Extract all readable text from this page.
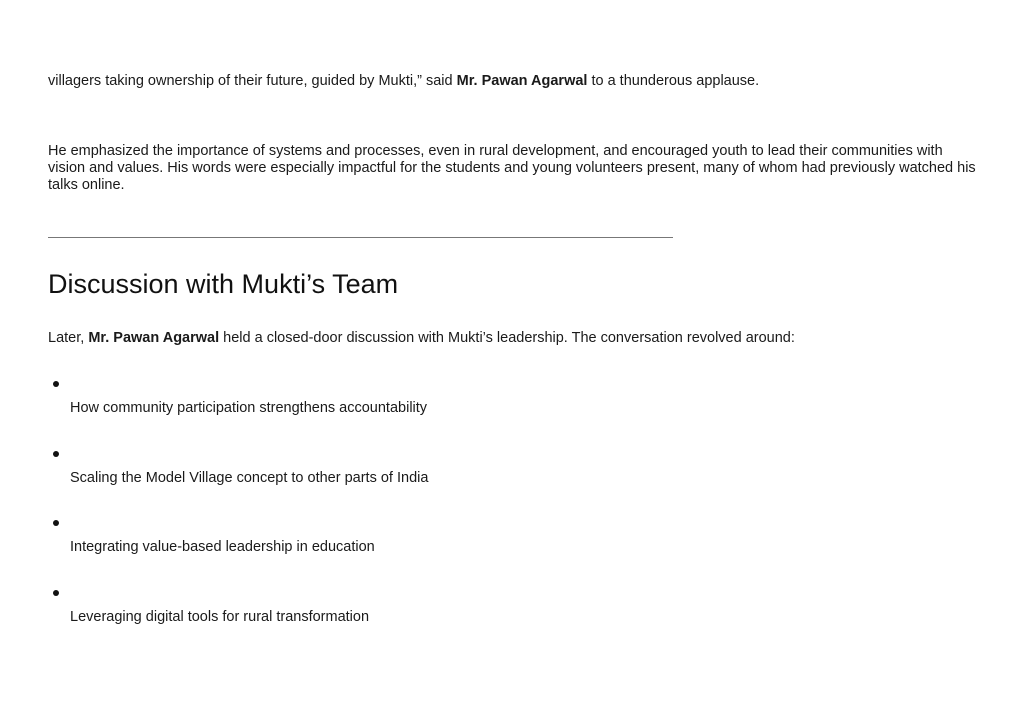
villagers taking ownership of their future, guided by Mukti,” said Mr. Pawan Agarwal to a thunderous applause.

He emphasized the importance of systems and processes, even in rural development, and encouraged youth to lead their communities with vision and values. His words were especially impactful for the students and young volunteers present, many of whom had previously watched his talks online.

Discussion with Mukti’s Team

Later, Mr. Pawan Agarwal held a closed-door discussion with Mukti’s leadership. The conversation revolved around:

How community participation strengthens accountability
Scaling the Model Village concept to other parts of India
Integrating value-based leadership in education
Leveraging digital tools for rural transformation
